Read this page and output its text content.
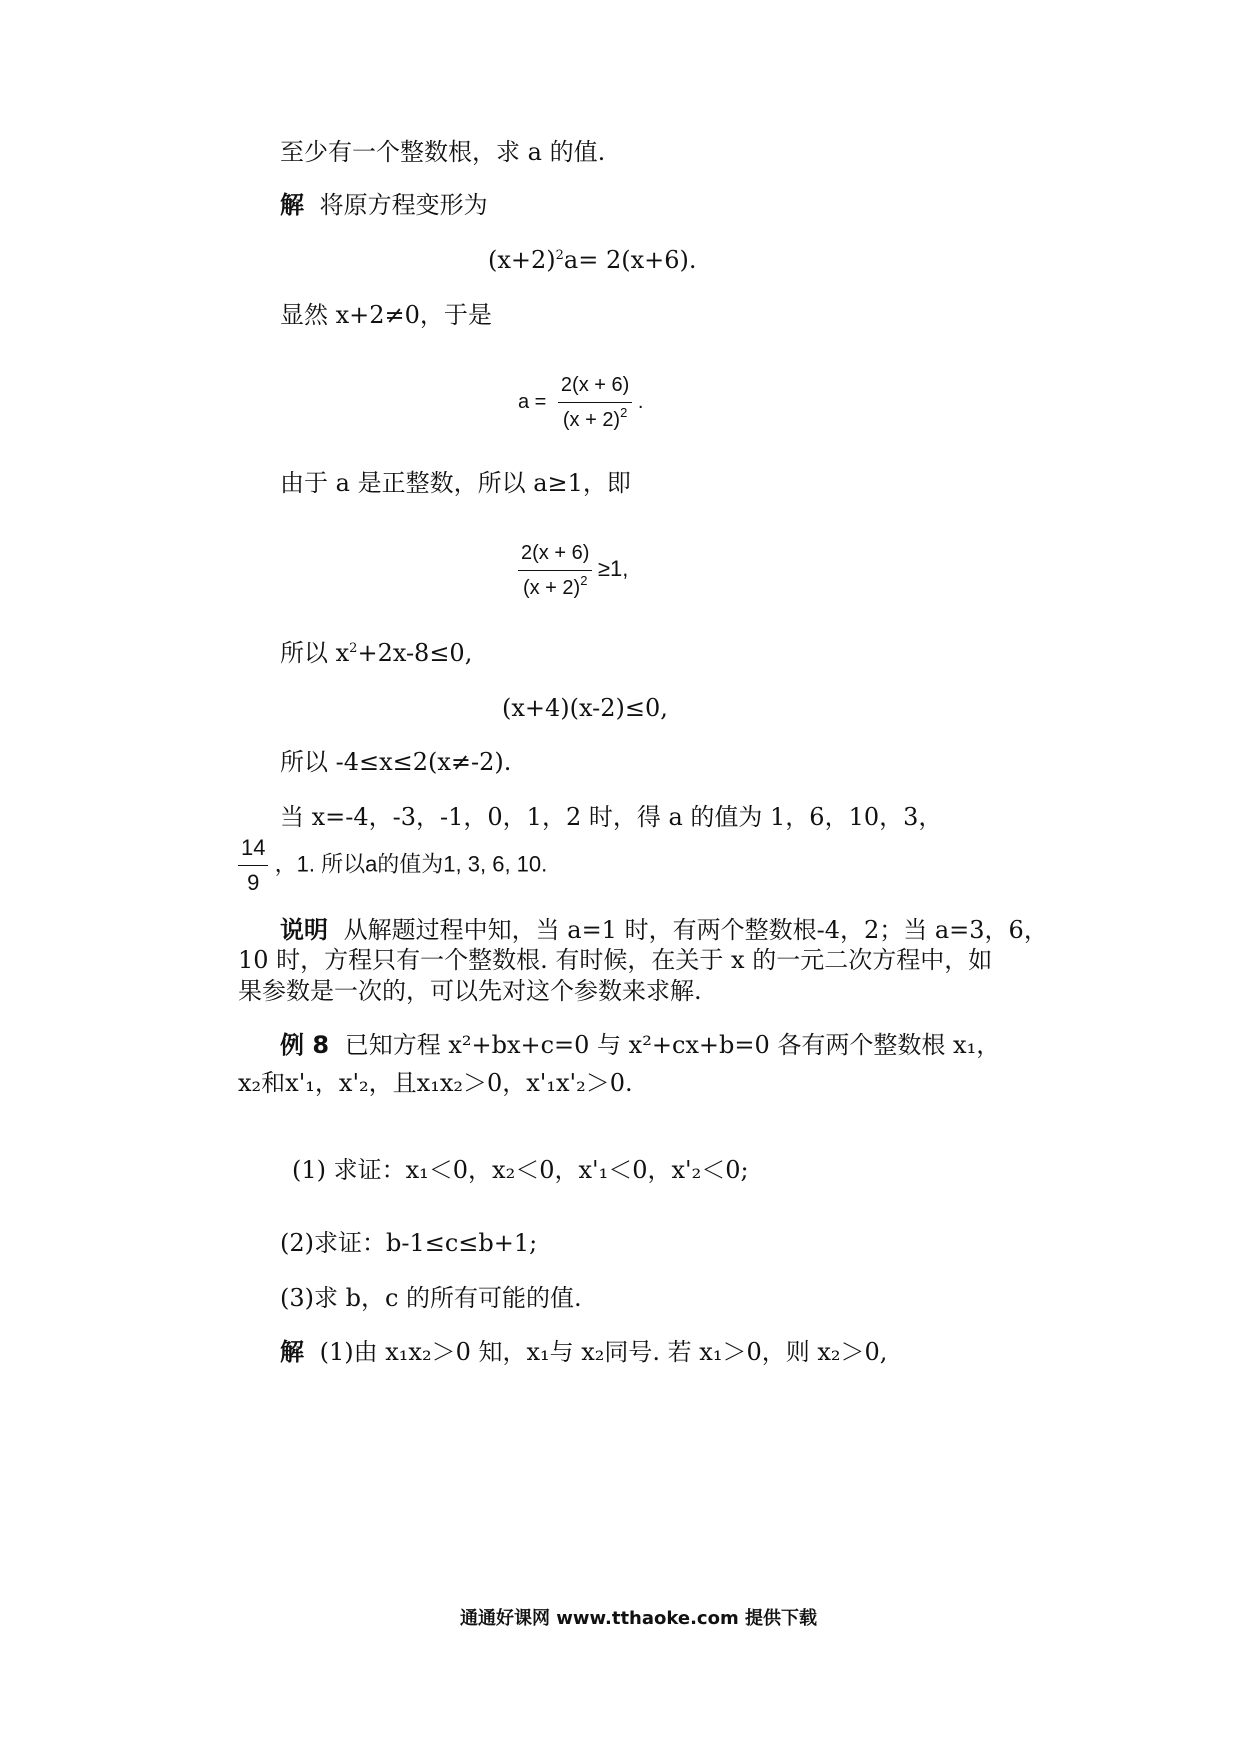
至少有一个整数根，求 a 的值.
解 将原方程变形为
$(x+2)^2a= 2(x+6)$.
显然 x+2≠0，于是
$a = \frac{2(x + 6)}{(x + 2)^2}$ .
由于 a 是正整数，所以 a≥1，即
$\frac{2(x + 6)}{(x + 2)^2} \ge 1$,
所以 $x^2+2x-8\le 0$,
(x+4)(x-2)≤0,
所以 -4≤x≤2(x≠-2).
当 x=-4，-3，-1，0，1，2 时，得 a 的值为 1，6，10，3，
$\frac{14}{9}$ ，1. 所以a的值为1, 3, 6, 10.
说明 从解题过程中知，当 a=1 时，有两个整数根-4，2；当 a=3，6，
10 时，方程只有一个整数根. 有时候，在关于 x 的一元二次方程中，如
果参数是一次的，可以先对这个参数来求解.
例 8 已知方程 x²+bx+c=0 与 x²+cx+b=0 各有两个整数根 x₁，
x₂和x'₁，x'₂，且x₁x₂＞0，x'₁x'₂＞0.
(1) 求证：x₁＜0，x₂＜0，x'₁＜0，x'₂＜0;
(2)求证：b-1≤c≤b+1;
(3)求 b，c 的所有可能的值.
解 (1)由 x₁x₂＞0 知，x₁与 x₂同号. 若 x₁＞0，则 x₂＞0,
通通好课网 www.tthaoke.com 提供下载
